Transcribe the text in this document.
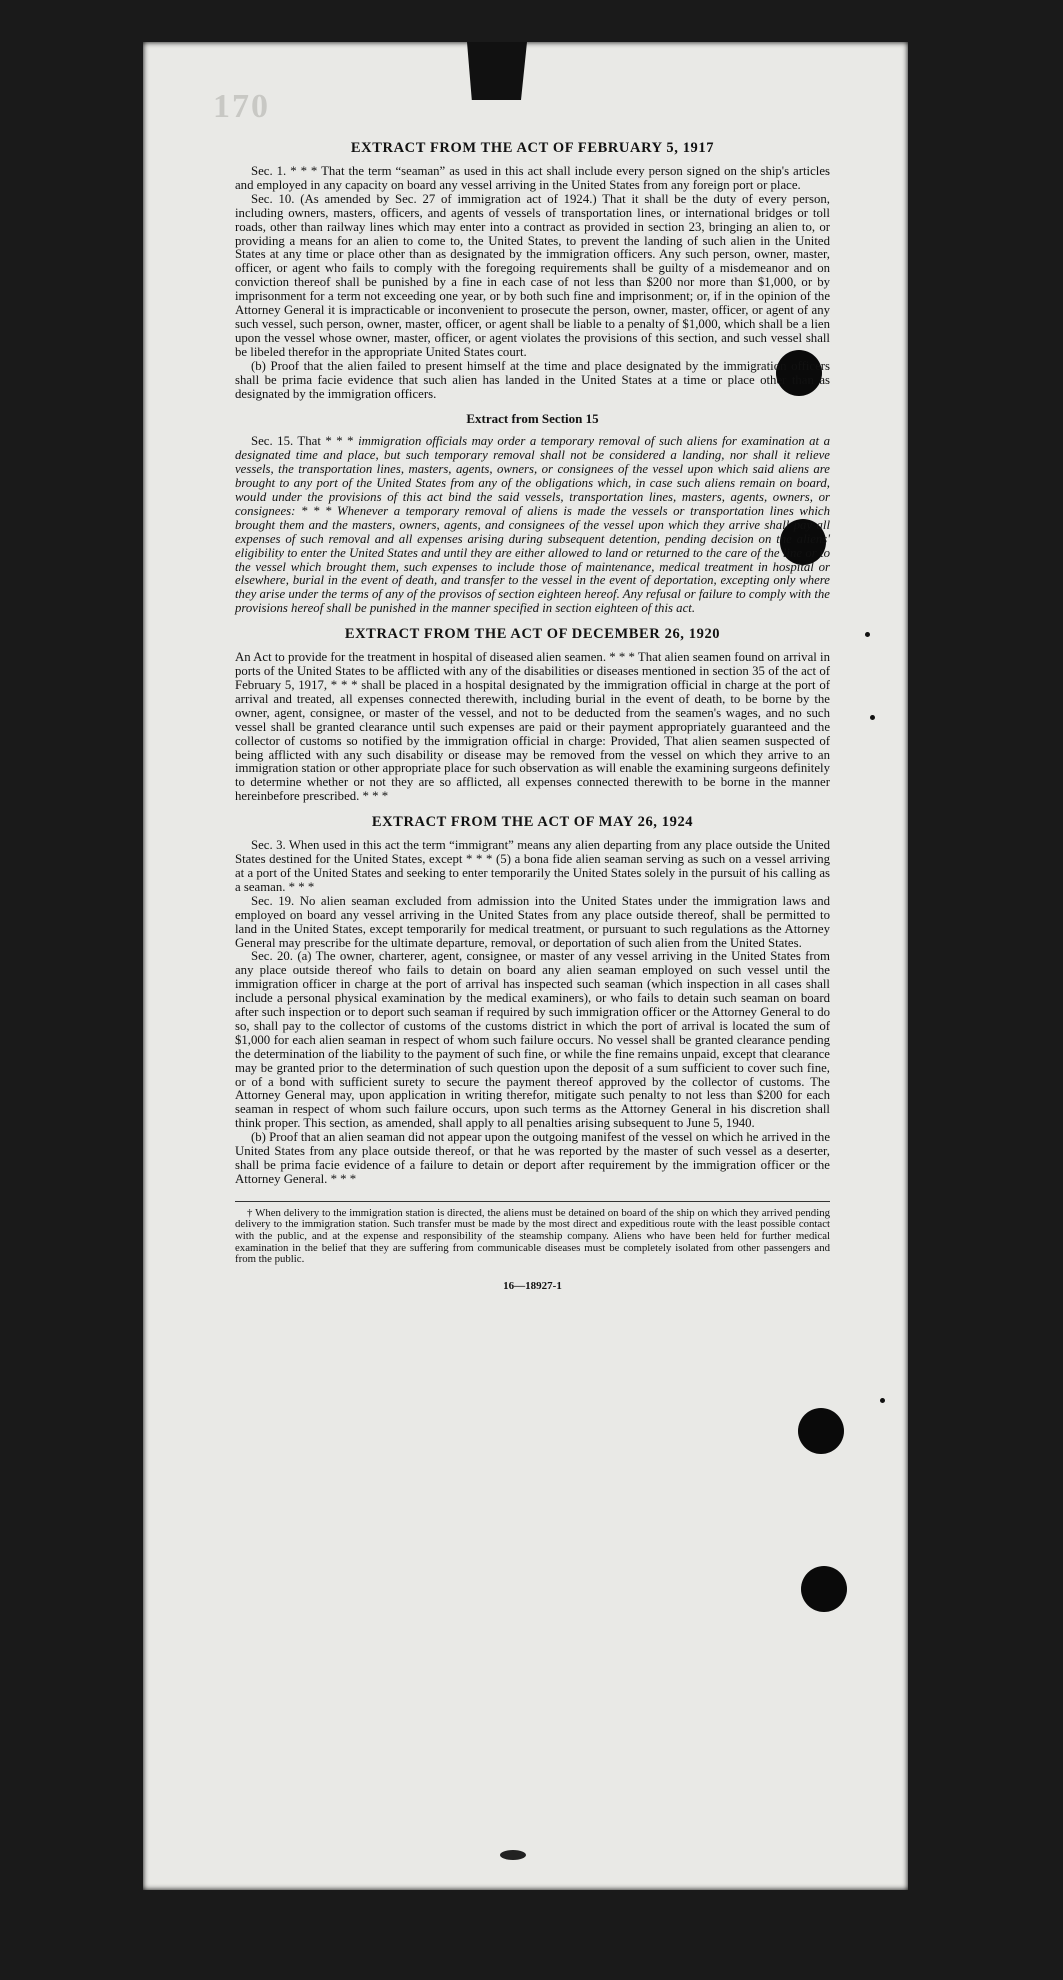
170
EXTRACT FROM THE ACT OF FEBRUARY 5, 1917

Sec. 1. * * * That the term “seaman” as used in this act shall include every person signed on the ship's articles and employed in any capacity on board any vessel arriving in the United States from any foreign port or place.

Sec. 10. (As amended by Sec. 27 of immigration act of 1924.) That it shall be the duty of every person, including owners, masters, officers, and agents of vessels of transportation lines, or international bridges or toll roads, other than railway lines which may enter into a contract as provided in section 23, bringing an alien to, or providing a means for an alien to come to, the United States, to prevent the landing of such alien in the United States at any time or place other than as designated by the immigration officers. Any such person, owner, master, officer, or agent who fails to comply with the foregoing requirements shall be guilty of a misdemeanor and on conviction thereof shall be punished by a fine in each case of not less than $200 nor more than $1,000, or by imprisonment for a term not exceeding one year, or by both such fine and imprisonment; or, if in the opinion of the Attorney General it is impracticable or inconvenient to prosecute the person, owner, master, officer, or agent of any such vessel, such person, owner, master, officer, or agent shall be liable to a penalty of $1,000, which shall be a lien upon the vessel whose owner, master, officer, or agent violates the provisions of this section, and such vessel shall be libeled therefor in the appropriate United States court.

(b) Proof that the alien failed to present himself at the time and place designated by the immigration officers shall be prima facie evidence that such alien has landed in the United States at a time or place other than as designated by the immigration officers.

Extract from Section 15

Sec. 15. That * * * immigration officials may order a temporary removal of such aliens for examination at a designated time and place, but such temporary removal shall not be considered a landing, nor shall it relieve vessels, the transportation lines, masters, agents, owners, or consignees of the vessel upon which said aliens are brought to any port of the United States from any of the obligations which, in case such aliens remain on board, would under the provisions of this act bind the said vessels, transportation lines, masters, agents, owners, or consignees: * * * Whenever a temporary removal of aliens is made the vessels or transportation lines which brought them and the masters, owners, agents, and consignees of the vessel upon which they arrive shall pay all expenses of such removal and all expenses arising during subsequent detention, pending decision on the aliens' eligibility to enter the United States and until they are either allowed to land or returned to the care of the line or to the vessel which brought them, such expenses to include those of maintenance, medical treatment in hospital or elsewhere, burial in the event of death, and transfer to the vessel in the event of deportation, excepting only where they arise under the terms of any of the provisos of section eighteen hereof. Any refusal or failure to comply with the provisions hereof shall be punished in the manner specified in section eighteen of this act.

EXTRACT FROM THE ACT OF DECEMBER 26, 1920

An Act to provide for the treatment in hospital of diseased alien seamen. * * * That alien seamen found on arrival in ports of the United States to be afflicted with any of the disabilities or diseases mentioned in section 35 of the act of February 5, 1917, * * * shall be placed in a hospital designated by the immigration official in charge at the port of arrival and treated, all expenses connected therewith, including burial in the event of death, to be borne by the owner, agent, consignee, or master of the vessel, and not to be deducted from the seamen's wages, and no such vessel shall be granted clearance until such expenses are paid or their payment appropriately guaranteed and the collector of customs so notified by the immigration official in charge: Provided, That alien seamen suspected of being afflicted with any such disability or disease may be removed from the vessel on which they arrive to an immigration station or other appropriate place for such observation as will enable the examining surgeons definitely to determine whether or not they are so afflicted, all expenses connected therewith to be borne in the manner hereinbefore prescribed. * * *

EXTRACT FROM THE ACT OF MAY 26, 1924

Sec. 3. When used in this act the term “immigrant” means any alien departing from any place outside the United States destined for the United States, except * * * (5) a bona fide alien seaman serving as such on a vessel arriving at a port of the United States and seeking to enter temporarily the United States solely in the pursuit of his calling as a seaman. * * *

Sec. 19. No alien seaman excluded from admission into the United States under the immigration laws and employed on board any vessel arriving in the United States from any place outside thereof, shall be permitted to land in the United States, except temporarily for medical treatment, or pursuant to such regulations as the Attorney General may prescribe for the ultimate departure, removal, or deportation of such alien from the United States.

Sec. 20. (a) The owner, charterer, agent, consignee, or master of any vessel arriving in the United States from any place outside thereof who fails to detain on board any alien seaman employed on such vessel until the immigration officer in charge at the port of arrival has inspected such seaman (which inspection in all cases shall include a personal physical examination by the medical examiners), or who fails to detain such seaman on board after such inspection or to deport such seaman if required by such immigration officer or the Attorney General to do so, shall pay to the collector of customs of the customs district in which the port of arrival is located the sum of $1,000 for each alien seaman in respect of whom such failure occurs. No vessel shall be granted clearance pending the determination of the liability to the payment of such fine, or while the fine remains unpaid, except that clearance may be granted prior to the determination of such question upon the deposit of a sum sufficient to cover such fine, or of a bond with sufficient surety to secure the payment thereof approved by the collector of customs. The Attorney General may, upon application in writing therefor, mitigate such penalty to not less than $200 for each seaman in respect of whom such failure occurs, upon such terms as the Attorney General in his discretion shall think proper. This section, as amended, shall apply to all penalties arising subsequent to June 5, 1940.

(b) Proof that an alien seaman did not appear upon the outgoing manifest of the vessel on which he arrived in the United States from any place outside thereof, or that he was reported by the master of such vessel as a deserter, shall be prima facie evidence of a failure to detain or deport after requirement by the immigration officer or the Attorney General. * * *

† When delivery to the immigration station is directed, the aliens must be detained on board of the ship on which they arrived pending delivery to the immigration station. Such transfer must be made by the most direct and expeditious route with the least possible contact with the public, and at the expense and responsibility of the steamship company. Aliens who have been held for further medical examination in the belief that they are suffering from communicable diseases must be completely isolated from other passengers and from the public.
16—18927-1
